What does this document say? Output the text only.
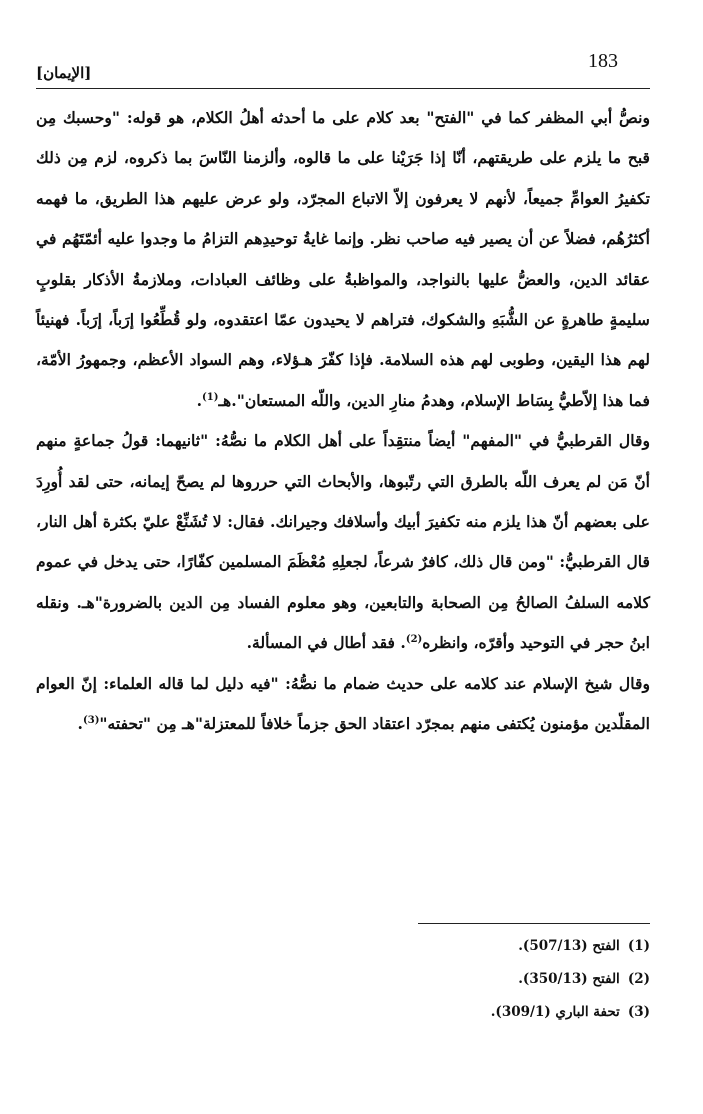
183
[الإيمان]

ونصُّ أبي المظفر كما في "الفتح" بعد كلام على ما أحدثه أهلُ الكلام، هو قوله: "وحسبك مِن قبح ما يلزم على طريقتهم، أنّا إذا جَرَيْنا على ما قالوه، وألزمنا النّاسَ بما ذكروه، لزم مِن ذلك تكفيرُ العوامِّ جميعاً، لأنهم لا يعرفون إلاّ الاتباع المجرّد، ولو عرض عليهم هذا الطريق، ما فهمه أكثرُهُم، فضلاً عن أن يصير فيه صاحب نظر. وإنما غايةُ توحيدِهم التزامُ ما وجدوا عليه أئمّتَهُم في عقائد الدين، والعضُّ عليها بالنواجد، والمواظبةُ على وظائف العبادات، وملازمةُ الأذكار بقلوبٍ سليمةٍ طاهرةٍ عن الشُّبَهِ والشكوك، فتراهم لا يحيدون عمّا اعتقدوه، ولو قُطِّعُوا إرَباً، إرَباً. فهنيئاً لهم هذا اليقين، وطوبى لهم هذه السلامة. فإذا كفّرَ هـؤلاء، وهم السواد الأعظم، وجمهورُ الأمّة، فما هذا إلاّطيُّ بِسَاط الإسلام، وهدمُ منارِ الدين، واللّه المستعان".هـ$^{(1)}$.

وقال القرطبيُّ في "المفهم" أيضاً منتقِداً على أهل الكلام ما نصُّهُ: "ثانيهما: قولُ جماعةٍ منهم أنّ مَن لم يعرف اللّه بالطرق التي رتّبوها، والأبحاث التي حرروها لم يصحّ إيمانه، حتى لقد أُورِدَ على بعضهم أنّ هذا يلزم منه تكفيرَ أبيك وأسلافك وجيرانك. فقال: لا تُشَنِّعْ عليّ بكثرة أهل النار، قال القرطبيُّ: "ومن قال ذلك، كافرٌ شرعاً، لجعلِهِ مُعْظَمَ المسلمين كفّارًا، حتى يدخل في عموم كلامه السلفُ الصالحُ مِن الصحابة والتابعين، وهو معلوم الفساد مِن الدين بالضرورة"هـ. ونقله ابنُ حجر في التوحيد وأقرّه، وانظره$^{(2)}$. فقد أطال في المسألة.

وقال شيخ الإسلام عند كلامه على حديث ضمام ما نصُّهُ: "فيه دليل لما قاله العلماء: إنّ العوام المقلّدين مؤمنون يُكتفى منهم بمجرّد اعتقاد الحق جزماً خلافاً للمعتزلة"هـ مِن "تحفته"$^{(3)}$.

(1)الفتح (507/13).
(2)الفتح (350/13).
(3)تحفة الباري (309/1).
